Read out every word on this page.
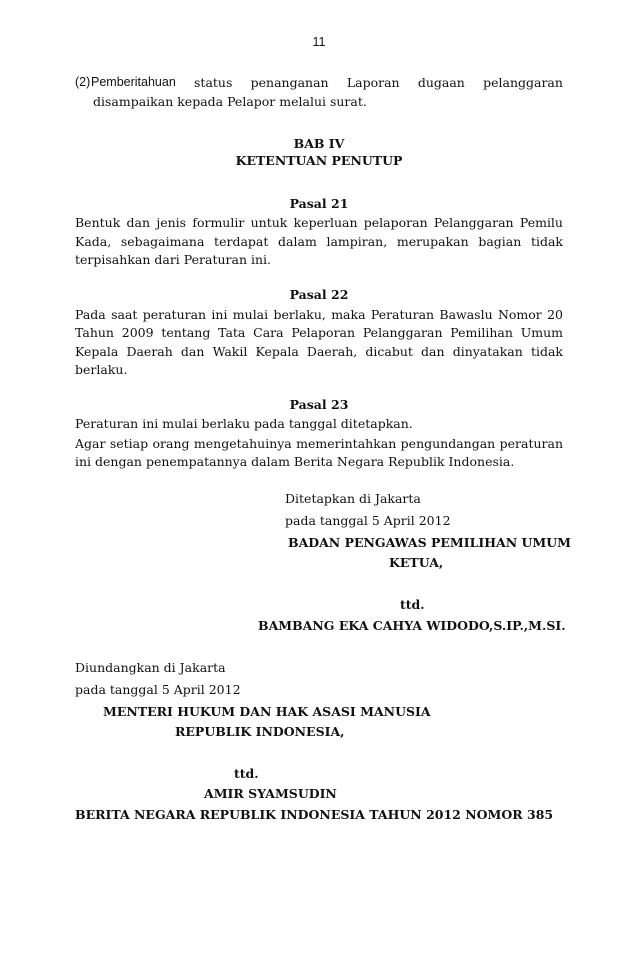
11
(2) Pemberitahuan status penanganan Laporan dugaan pelanggaran
disampaikan kepada Pelapor melalui surat.
BAB IV
KETENTUAN PENUTUP
Pasal 21
Bentuk dan jenis formulir untuk keperluan pelaporan Pelanggaran Pemilu
Kada, sebagaimana terdapat dalam lampiran, merupakan bagian tidak
terpisahkan dari Peraturan ini.
Pasal 22
Pada saat peraturan ini mulai berlaku, maka Peraturan Bawaslu Nomor 20
Tahun 2009 tentang Tata Cara Pelaporan Pelanggaran Pemilihan Umum
Kepala Daerah dan Wakil Kepala Daerah, dicabut dan dinyatakan tidak
berlaku.
Pasal 23
Peraturan ini mulai berlaku pada tanggal ditetapkan.
Agar setiap orang mengetahuinya memerintahkan pengundangan peraturan
ini dengan penempatannya dalam Berita Negara Republik Indonesia.
Ditetapkan di Jakarta
pada tanggal 5 April 2012
BADAN PENGAWAS PEMILIHAN UMUM
KETUA,
ttd.
BAMBANG EKA CAHYA WIDODO,S.IP.,M.SI.
Diundangkan di Jakarta
pada tanggal 5 April 2012
MENTERI HUKUM DAN HAK ASASI MANUSIA
REPUBLIK INDONESIA,
ttd.
AMIR SYAMSUDIN
BERITA NEGARA REPUBLIK INDONESIA TAHUN 2012 NOMOR 385
